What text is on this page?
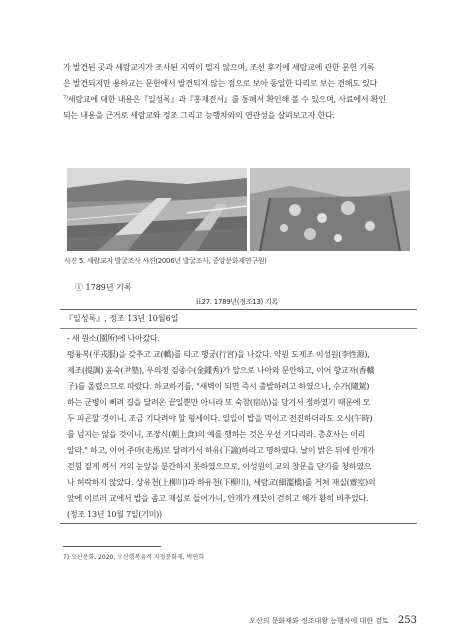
가 발견된 곳과 세람교지가 조사된 지역이 멀지 않으며, 조선 후기에 세람교에 관한 문헌 기록

은 발견되지만 용하교는 문헌에서 발견되지 않는 점으로 보아 동일한 다리로 보는 견해도 있다

$^{7)}$세람교에 대한 내용은『일성록』과『홍재전서』를 통해서 확인해 볼 수 있으며, 사료에서 확인

되는 내용을 근거로 세람교와 정조 그리고 능행차와의 연관성을 살펴보고자 한다.

사진 5. 세람교지 발굴조사 사진(2006년 발굴조사, 중앙문화재연구원)
① 1789년 기록
표27. 1789년(정조13) 기록
『일성록』, 정조 13년 10월6일

- 새 원소(園所)에 나아갔다.

평융복(平戎服)을 갖추고 교(轎)를 타고 행궁(行宮)을 나갔다. 약원 도제조 이성원(李性源),

제조(提調) 윤숙(尹塾), 우의정 김종수(金鍾秀)가 앞으로 나아와 문안하고, 이어 향교자(香轎

子)를 올렸으므로 따랐다. 하교하기를, "새벽이 되면 즉시 출발하려고 하였으나, 수가(隨駕)

하는 군병이 뻐려 길을 달려온 끝일뿐만 아니라 또 숙참(宿站)을 당겨서 정하였기 때문에 모

두 피곤할 것이니, 조금 기다려야 할 형세이다. 일일이 밥을 먹이고 전진하더라도 오시(午時)

를 넘지는 않을 것이니, 조장식(朝上食)의 예를 행하는 것은 우선 기다리라. 총호사는 이리

알라." 하고, 이어 주마(走馬)로 달려가서 하유(下諭)하라고 명하였다. 날이 밝은 뒤에 안개가

걷힘 짙게 껴서 거의 눈앞을 분간하지 못하였으므로, 이성원이 교의 창문을 닫기를 청하였으

나 허락하지 않았다. 상유천(上柳川)과 하유천(下柳川), 세람교(細濫橋)를 거쳐 재실(齋室)의

앞에 이르러 교에서 밥을 좀고 재실로 들어가니, 안개가 깨끗이 걷히고 해가 환히 비추었다.

(정조 13년 10월 7일(기미))

7) 오산문화, 2020, 오산행복유적 지정문화재, 박연희
오산의 문화재와 정조대왕 능행차에 대한 검토 253
